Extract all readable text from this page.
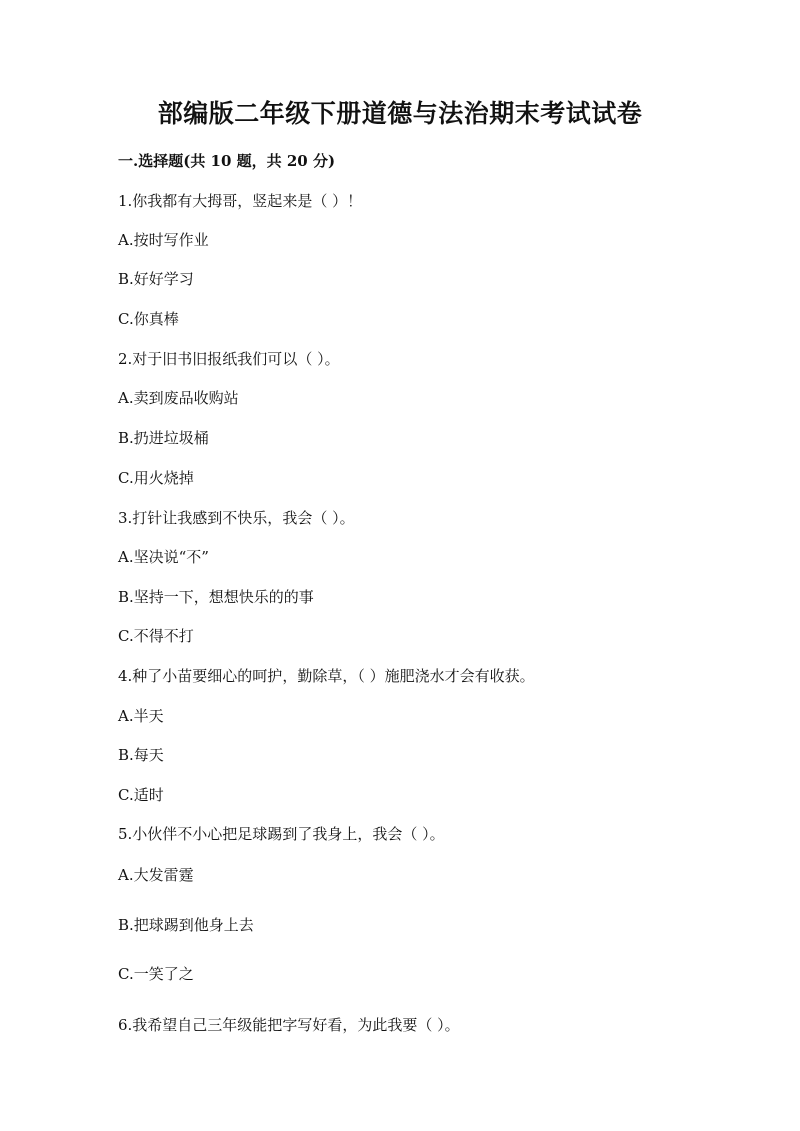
部编版二年级下册道德与法治期末考试试卷
一.选择题(共 10 题，共 20 分)
1.你我都有大拇哥，竖起来是（ ）！
A.按时写作业
B.好好学习
C.你真棒
2.对于旧书旧报纸我们可以（ ）。
A.卖到废品收购站
B.扔进垃圾桶
C.用火烧掉
3.打针让我感到不快乐，我会（ ）。
A.坚决说“不”
B.坚持一下，想想快乐的的事
C.不得不打
4.种了小苗要细心的呵护，勤除草，（ ）施肥浇水才会有收获。
A.半天
B.每天
C.适时
5.小伙伴不小心把足球踢到了我身上，我会（ ）。
A.大发雷霆
B.把球踢到他身上去
C.一笑了之
6.我希望自己三年级能把字写好看，为此我要（ ）。
